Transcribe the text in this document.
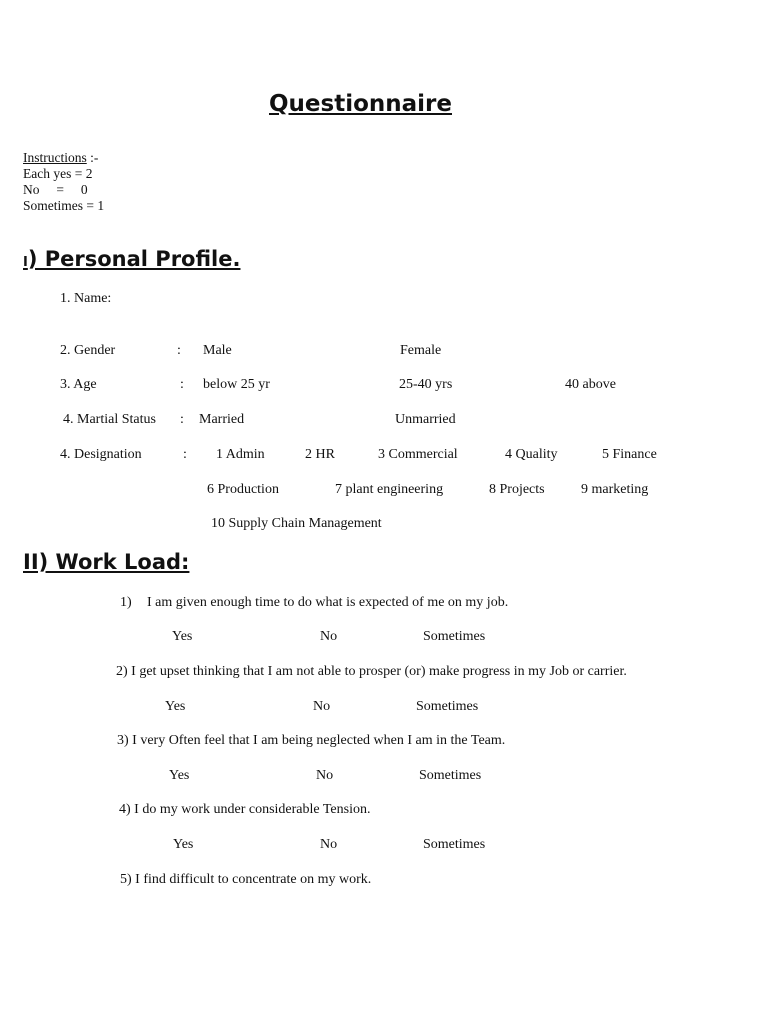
Questionnaire
Instructions :-
Each yes = 2
No     =     0
Sometimes = 1
I) Personal Profile.
1. Name:
2. Gender	: Male	Female
3. Age	: below 25 yr	25-40 yrs	40 above
4. Martial Status : Married	Unmarried
4. Designation	: 1 Admin	2 HR	3 Commercial	4 Quality	5 Finance
6 Production	7 plant engineering	8 Projects	9 marketing
10 Supply Chain Management
II) Work Load:
1) I am given enough time to do what is expected of me on my job.
Yes	No	Sometimes
2) I get upset thinking that I am not able to prosper (or) make progress in my Job or carrier.
Yes	No	Sometimes
3) I very Often feel that I am being neglected when I am in the Team.
Yes	No	Sometimes
4) I do my work under considerable Tension.
Yes	No	Sometimes
5) I find difficult to concentrate on my work.
